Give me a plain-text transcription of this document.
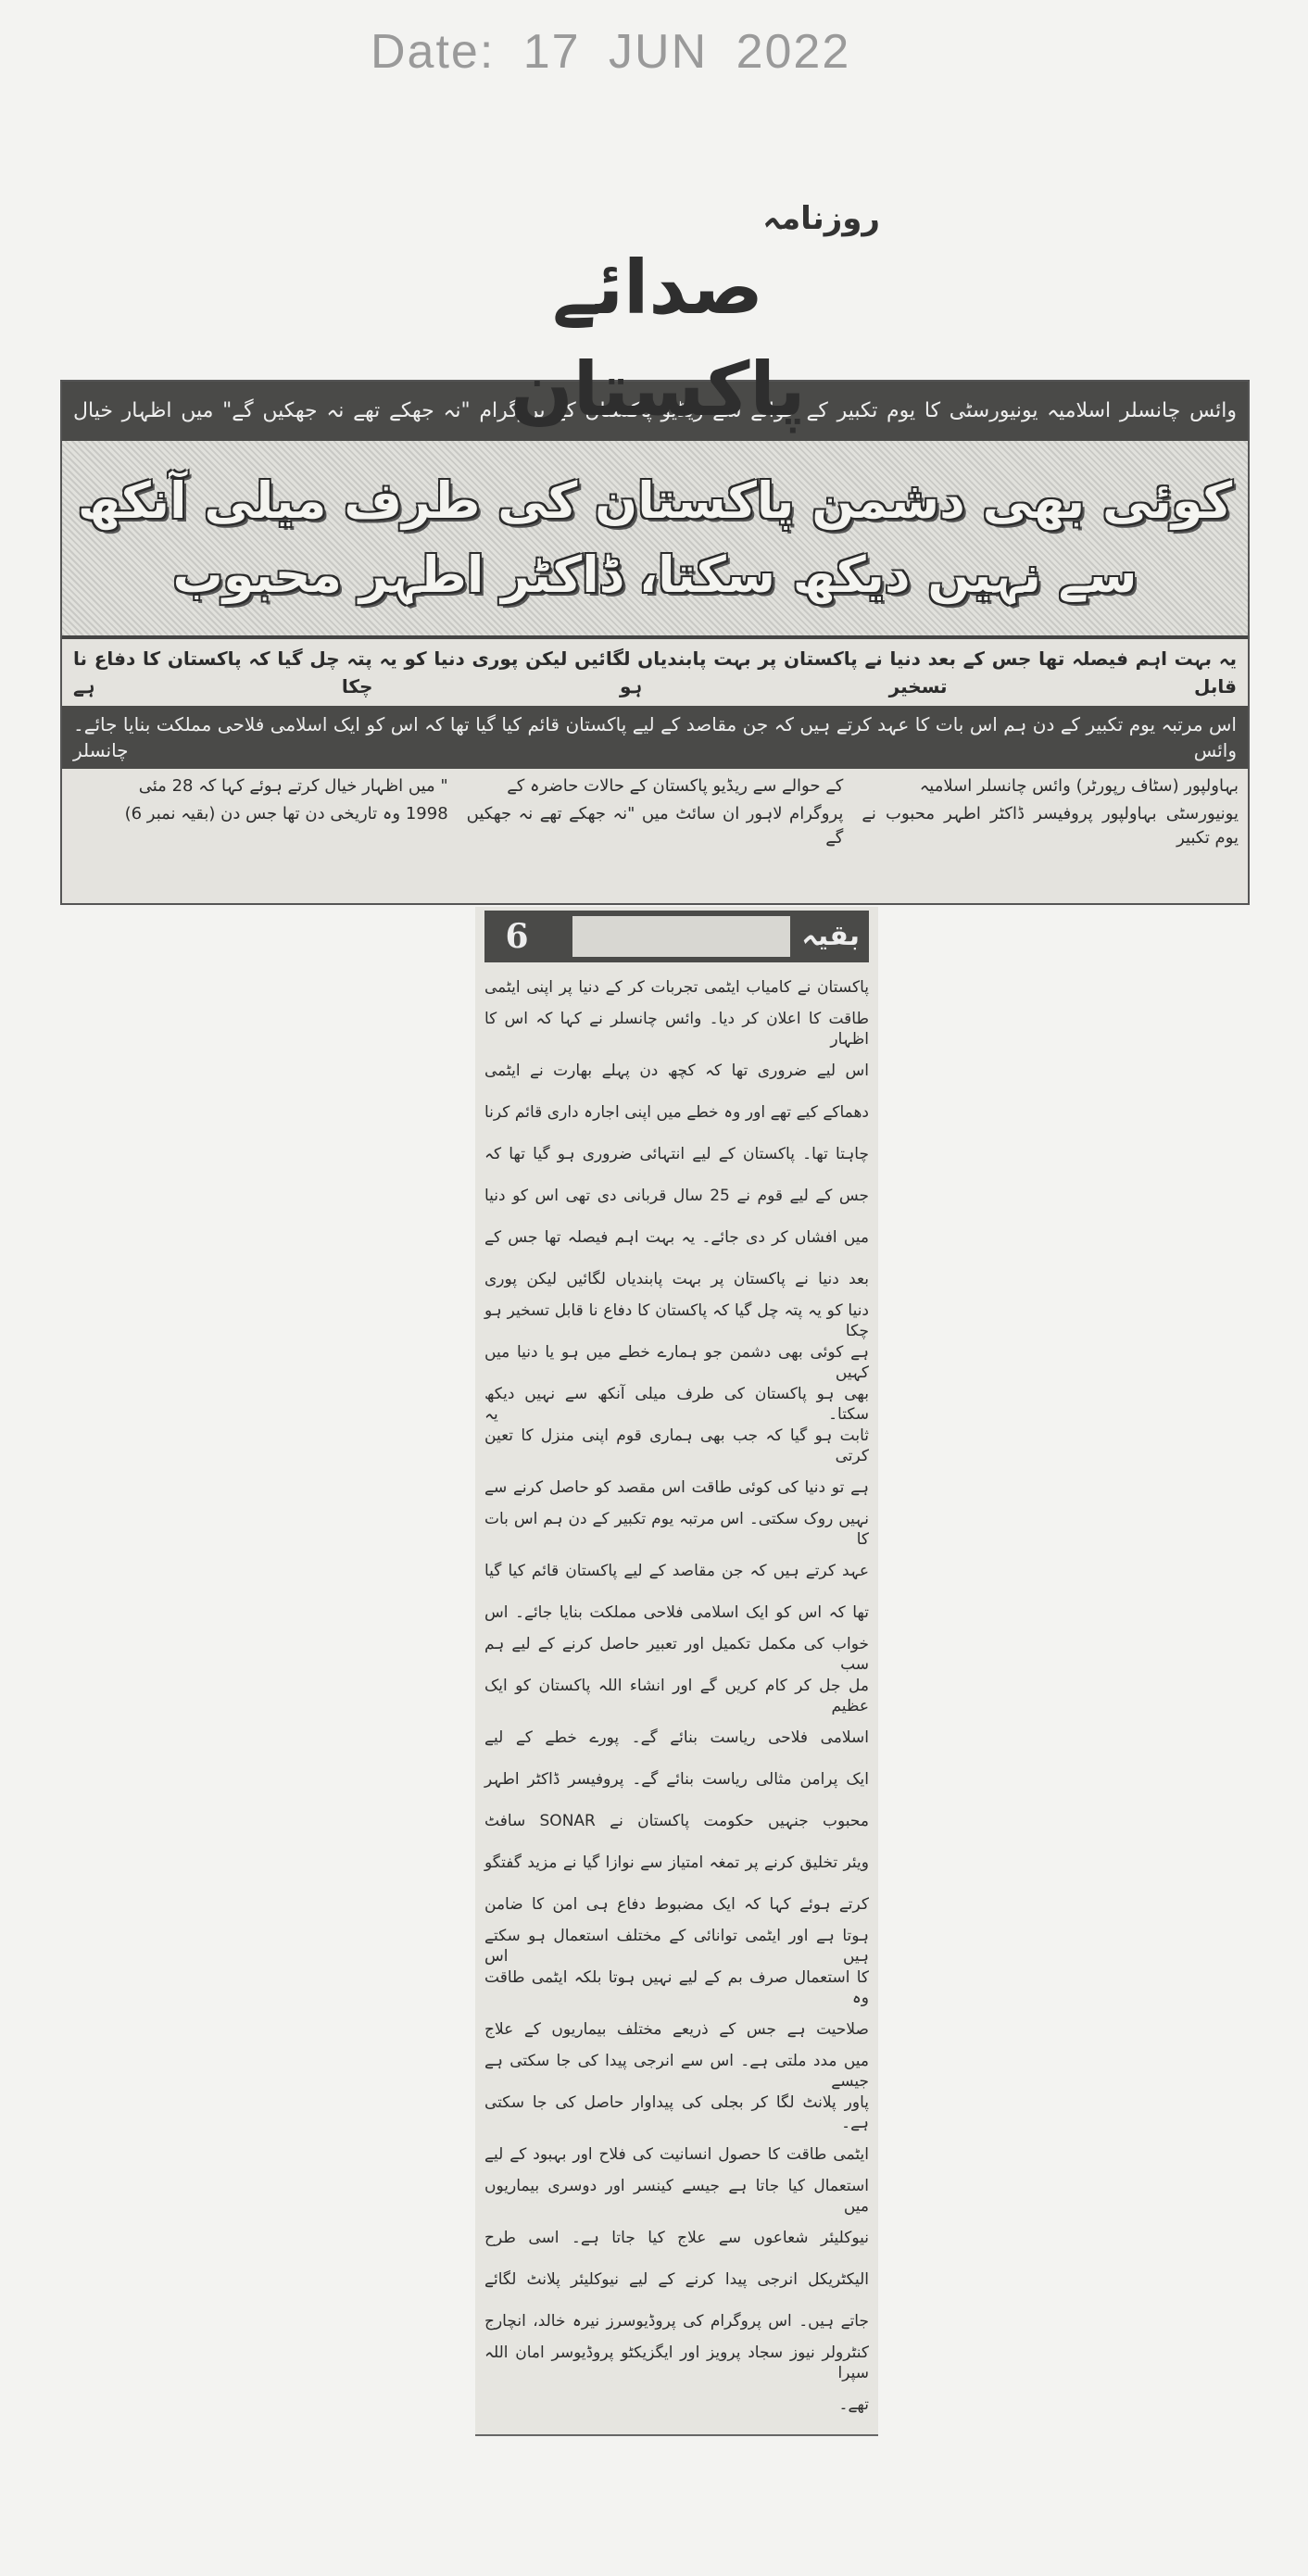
Date: 17 JUN 2022
روزنامہ
صدائے پاکستان
وائس چانسلر اسلامیہ یونیورسٹی کا یوم تکبیر کے حوالے سے ریڈیو پاکستان کے پروگرام "نہ جھکے تھے نہ جھکیں گے" میں اظہار خیال
کوئی بھی دشمن پاکستان کی طرف میلی آنکھ سے نہیں دیکھ سکتا، ڈاکٹر اطہر محبوب
یہ بہت اہم فیصلہ تھا جس کے بعد دنیا نے پاکستان پر بہت پابندیاں لگائیں لیکن پوری دنیا کو یہ پتہ چل گیا کہ پاکستان کا دفاع نا قابل تسخیر ہو چکا ہے
اس مرتبہ یوم تکبیر کے دن ہم اس بات کا عہد کرتے ہیں کہ جن مقاصد کے لیے پاکستان قائم کیا گیا تھا کہ اس کو ایک اسلامی فلاحی مملکت بنایا جائے۔ وائس چانسلر
بہاولپور (سٹاف رپورٹر) وائس چانسلر اسلامیہ
یونیورسٹی بہاولپور پروفیسر ڈاکٹر اطہر محبوب نے یوم تکبیر
کے حوالے سے ریڈیو پاکستان کے حالات حاضرہ کے
پروگرام لاہور ان سائٹ میں "نہ جھکے تھے نہ جھکیں گے
" میں اظہار خیال کرتے ہوئے کہا کہ 28 مئی
1998 وہ تاریخی دن تھا جس دن (بقیہ نمبر 6)
6	بقیہ
پاکستان نے کامیاب ایٹمی تجربات کر کے دنیا پر اپنی ایٹمی
طاقت کا اعلان کر دیا۔ وائس چانسلر نے کہا کہ اس کا اظہار
اس لیے ضروری تھا کہ کچھ دن پہلے بھارت نے ایٹمی
دھماکے کیے تھے اور وہ خطے میں اپنی اجارہ داری قائم کرنا
چاہتا تھا۔ پاکستان کے لیے انتہائی ضروری ہو گیا تھا کہ
جس کے لیے قوم نے 25 سال قربانی دی تھی اس کو دنیا
میں افشاں کر دی جائے۔ یہ بہت اہم فیصلہ تھا جس کے
بعد دنیا نے پاکستان پر بہت پابندیاں لگائیں لیکن پوری
دنیا کو یہ پتہ چل گیا کہ پاکستان کا دفاع نا قابل تسخیر ہو چکا
ہے کوئی بھی دشمن جو ہمارے خطے میں ہو یا دنیا میں کہیں
بھی ہو پاکستان کی طرف میلی آنکھ سے نہیں دیکھ سکتا۔ یہ
ثابت ہو گیا کہ جب بھی ہماری قوم اپنی منزل کا تعین کرتی
ہے تو دنیا کی کوئی طاقت اس مقصد کو حاصل کرنے سے
نہیں روک سکتی۔ اس مرتبہ یوم تکبیر کے دن ہم اس بات کا
عہد کرتے ہیں کہ جن مقاصد کے لیے پاکستان قائم کیا گیا
تھا کہ اس کو ایک اسلامی فلاحی مملکت بنایا جائے۔ اس
خواب کی مکمل تکمیل اور تعبیر حاصل کرنے کے لیے ہم سب
مل جل کر کام کریں گے اور انشاء اللہ پاکستان کو ایک عظیم
اسلامی فلاحی ریاست بنائے گے۔ پورے خطے کے لیے
ایک پرامن مثالی ریاست بنائے گے۔ پروفیسر ڈاکٹر اطہر
محبوب جنہیں حکومت پاکستان نے SONAR سافٹ
ویئر تخلیق کرنے پر تمغہ امتیاز سے نوازا گیا نے مزید گفتگو
کرتے ہوئے کہا کہ ایک مضبوط دفاع ہی امن کا ضامن
ہوتا ہے اور ایٹمی توانائی کے مختلف استعمال ہو سکتے ہیں اس
کا استعمال صرف بم کے لیے نہیں ہوتا بلکہ ایٹمی طاقت وہ
صلاحیت ہے جس کے ذریعے مختلف بیماریوں کے علاج
میں مدد ملتی ہے۔ اس سے انرجی پیدا کی جا سکتی ہے جیسے
پاور پلانٹ لگا کر بجلی کی پیداوار حاصل کی جا سکتی ہے۔
ایٹمی طاقت کا حصول انسانیت کی فلاح اور بہبود کے لیے
استعمال کیا جاتا ہے جیسے کینسر اور دوسری بیماریوں میں
نیوکلیئر شعاعوں سے علاج کیا جاتا ہے۔ اسی طرح
الیکٹریکل انرجی پیدا کرنے کے لیے نیوکلیئر پلانٹ لگائے
جاتے ہیں۔ اس پروگرام کی پروڈیوسرز نیرہ خالد، انچارج
کنٹرولر نیوز سجاد پرویز اور ایگزیکٹو پروڈیوسر امان اللہ سپرا
تھے۔
